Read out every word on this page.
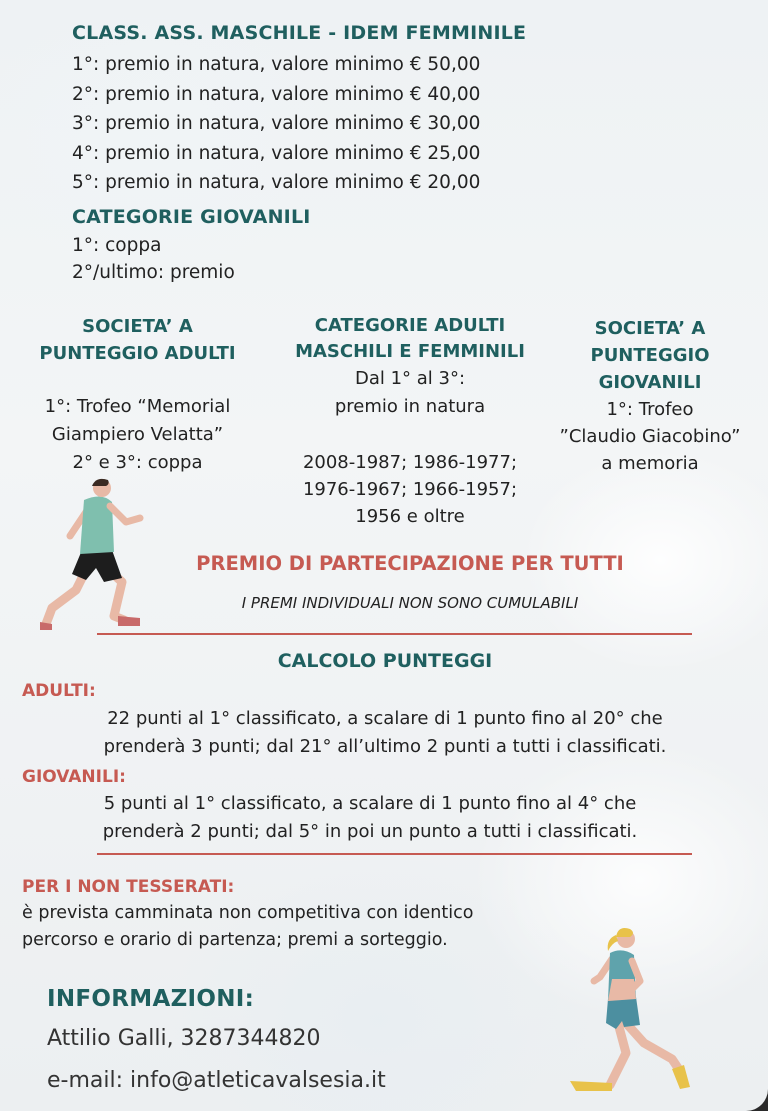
CLASS. ASS. MASCHILE - IDEM FEMMINILE
1°: premio in natura, valore minimo € 50,00
2°: premio in natura, valore minimo € 40,00
3°: premio in natura, valore minimo € 30,00
4°: premio in natura, valore minimo € 25,00
5°: premio in natura, valore minimo € 20,00
CATEGORIE GIOVANILI
1°: coppa
2°/ultimo: premio
SOCIETA’ A
PUNTEGGIO ADULTI
1°: Trofeo “Memorial
Giampiero Velatta”
2° e 3°: coppa
CATEGORIE ADULTI
MASCHILI E FEMMINILI
Dal 1° al 3°:
premio in natura
2008-1987; 1986-1977;
1976-1967; 1966-1957;
1956 e oltre
SOCIETA’ A
PUNTEGGIO
GIOVANILI
1°: Trofeo
”Claudio Giacobino”
a memoria
PREMIO DI PARTECIPAZIONE PER TUTTI
I PREMI INDIVIDUALI NON SONO CUMULABILI
CALCOLO PUNTEGGI
ADULTI:
22 punti al 1° classificato, a scalare di 1 punto fino al 20° che
prenderà 3 punti; dal 21° all’ultimo 2 punti a tutti i classificati.
GIOVANILI:
5 punti al 1° classificato, a scalare di 1 punto fino al 4° che
prenderà 2 punti; dal 5° in poi un punto a tutti i classificati.
PER I NON TESSERATI:
è prevista camminata non competitiva con identico
percorso e orario di partenza; premi a sorteggio.
INFORMAZIONI:
Attilio Galli, 3287344820
e-mail: info@atleticavalsesia.it
